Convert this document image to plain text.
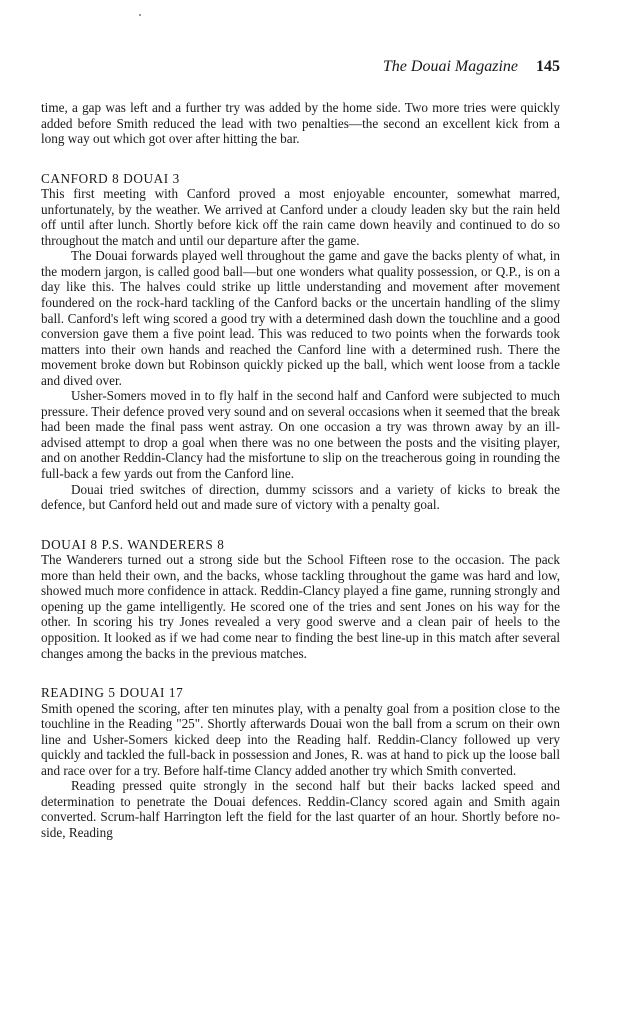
The Douai Magazine 145

time, a gap was left and a further try was added by the home side. Two more tries were quickly added before Smith reduced the lead with two penalties—the second an excellent kick from a long way out which got over after hitting the bar.

CANFORD 8 DOUAI 3

This first meeting with Canford proved a most enjoyable encounter, somewhat marred, unfortunately, by the weather. We arrived at Canford under a cloudy leaden sky but the rain held off until after lunch. Shortly before kick off the rain came down heavily and continued to do so throughout the match and until our departure after the game.

The Douai forwards played well throughout the game and gave the backs plenty of what, in the modern jargon, is called good ball—but one wonders what quality possession, or Q.P., is on a day like this. The halves could strike up little understanding and movement after movement foundered on the rock-hard tackling of the Canford backs or the uncertain handling of the slimy ball. Canford's left wing scored a good try with a determined dash down the touchline and a good conversion gave them a five point lead. This was reduced to two points when the forwards took matters into their own hands and reached the Canford line with a determined rush. There the movement broke down but Robinson quickly picked up the ball, which went loose from a tackle and dived over.

Usher-Somers moved in to fly half in the second half and Canford were subjected to much pressure. Their defence proved very sound and on several occasions when it seemed that the break had been made the final pass went astray. On one occasion a try was thrown away by an ill-advised attempt to drop a goal when there was no one between the posts and the visiting player, and on another Reddin-Clancy had the misfortune to slip on the treacherous going in rounding the full-back a few yards out from the Canford line.

Douai tried switches of direction, dummy scissors and a variety of kicks to break the defence, but Canford held out and made sure of victory with a penalty goal.

DOUAI 8 P.S. WANDERERS 8

The Wanderers turned out a strong side but the School Fifteen rose to the occasion. The pack more than held their own, and the backs, whose tackling throughout the game was hard and low, showed much more confidence in attack. Reddin-Clancy played a fine game, running strongly and opening up the game intelligently. He scored one of the tries and sent Jones on his way for the other. In scoring his try Jones revealed a very good swerve and a clean pair of heels to the opposition. It looked as if we had come near to finding the best line-up in this match after several changes among the backs in the previous matches.

READING 5 DOUAI 17

Smith opened the scoring, after ten minutes play, with a penalty goal from a position close to the touchline in the Reading "25". Shortly afterwards Douai won the ball from a scrum on their own line and Usher-Somers kicked deep into the Reading half. Reddin-Clancy followed up very quickly and tackled the full-back in possession and Jones, R. was at hand to pick up the loose ball and race over for a try. Before half-time Clancy added another try which Smith converted.

Reading pressed quite strongly in the second half but their backs lacked speed and determination to penetrate the Douai defences. Reddin-Clancy scored again and Smith again converted. Scrum-half Harrington left the field for the last quarter of an hour. Shortly before no-side, Reading
